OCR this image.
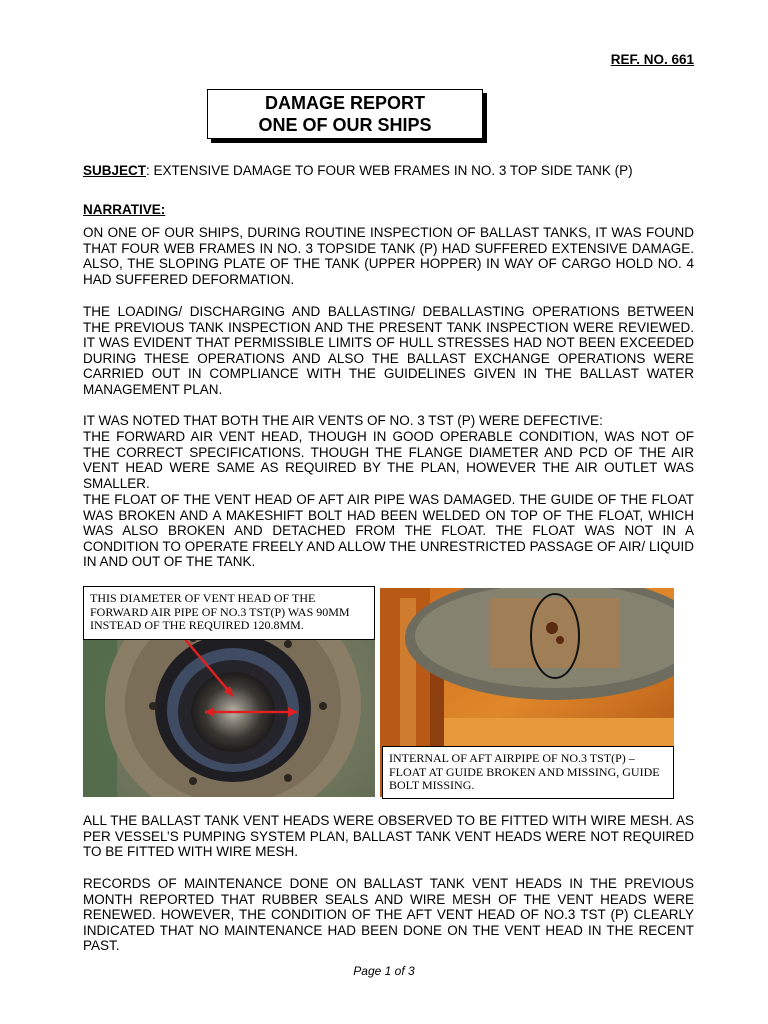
REF. NO. 661
DAMAGE REPORT
ONE OF OUR SHIPS
SUBJECT: EXTENSIVE DAMAGE TO FOUR WEB FRAMES IN NO. 3 TOP SIDE TANK (P)
NARRATIVE:

ON ONE OF OUR SHIPS, DURING ROUTINE INSPECTION OF BALLAST TANKS, IT WAS FOUND THAT FOUR WEB FRAMES IN NO. 3 TOPSIDE TANK (P) HAD SUFFERED EXTENSIVE DAMAGE. ALSO, THE SLOPING PLATE OF THE TANK (UPPER HOPPER) IN WAY OF CARGO HOLD NO. 4 HAD SUFFERED DEFORMATION.

THE LOADING/ DISCHARGING AND BALLASTING/ DEBALLASTING OPERATIONS BETWEEN THE PREVIOUS TANK INSPECTION AND THE PRESENT TANK INSPECTION WERE REVIEWED. IT WAS EVIDENT THAT PERMISSIBLE LIMITS OF HULL STRESSES HAD NOT BEEN EXCEEDED DURING THESE OPERATIONS AND ALSO THE BALLAST EXCHANGE OPERATIONS WERE CARRIED OUT IN COMPLIANCE WITH THE GUIDELINES GIVEN IN THE BALLAST WATER MANAGEMENT PLAN.

IT WAS NOTED THAT BOTH THE AIR VENTS OF NO. 3 TST (P) WERE DEFECTIVE:

THE FORWARD AIR VENT HEAD, THOUGH IN GOOD OPERABLE CONDITION, WAS NOT OF THE CORRECT SPECIFICATIONS. THOUGH THE FLANGE DIAMETER AND PCD OF THE AIR VENT HEAD WERE SAME AS REQUIRED BY THE PLAN, HOWEVER THE AIR OUTLET WAS SMALLER.

THE FLOAT OF THE VENT HEAD OF AFT AIR PIPE WAS DAMAGED. THE GUIDE OF THE FLOAT WAS BROKEN AND A MAKESHIFT BOLT HAD BEEN WELDED ON TOP OF THE FLOAT, WHICH WAS ALSO BROKEN AND DETACHED FROM THE FLOAT. THE FLOAT WAS NOT IN A CONDITION TO OPERATE FREELY AND ALLOW THE UNRESTRICTED PASSAGE OF AIR/ LIQUID IN AND OUT OF THE TANK.

THIS DIAMETER OF VENT HEAD OF THE FORWARD AIR PIPE OF NO.3 TST(P) WAS 90MM INSTEAD OF THE REQUIRED 120.8MM.
INTERNAL OF AFT AIRPIPE OF NO.3 TST(P) – FLOAT AT GUIDE BROKEN AND MISSING, GUIDE BOLT MISSING.

ALL THE BALLAST TANK VENT HEADS WERE OBSERVED TO BE FITTED WITH WIRE MESH. AS PER VESSEL’S PUMPING SYSTEM PLAN, BALLAST TANK VENT HEADS WERE NOT REQUIRED TO BE FITTED WITH WIRE MESH.

RECORDS OF MAINTENANCE DONE ON BALLAST TANK VENT HEADS IN THE PREVIOUS MONTH REPORTED THAT RUBBER SEALS AND WIRE MESH OF THE VENT HEADS WERE RENEWED. HOWEVER, THE CONDITION OF THE AFT VENT HEAD OF NO.3 TST (P) CLEARLY INDICATED THAT NO MAINTENANCE HAD BEEN DONE ON THE VENT HEAD IN THE RECENT PAST.

Page 1 of 3
